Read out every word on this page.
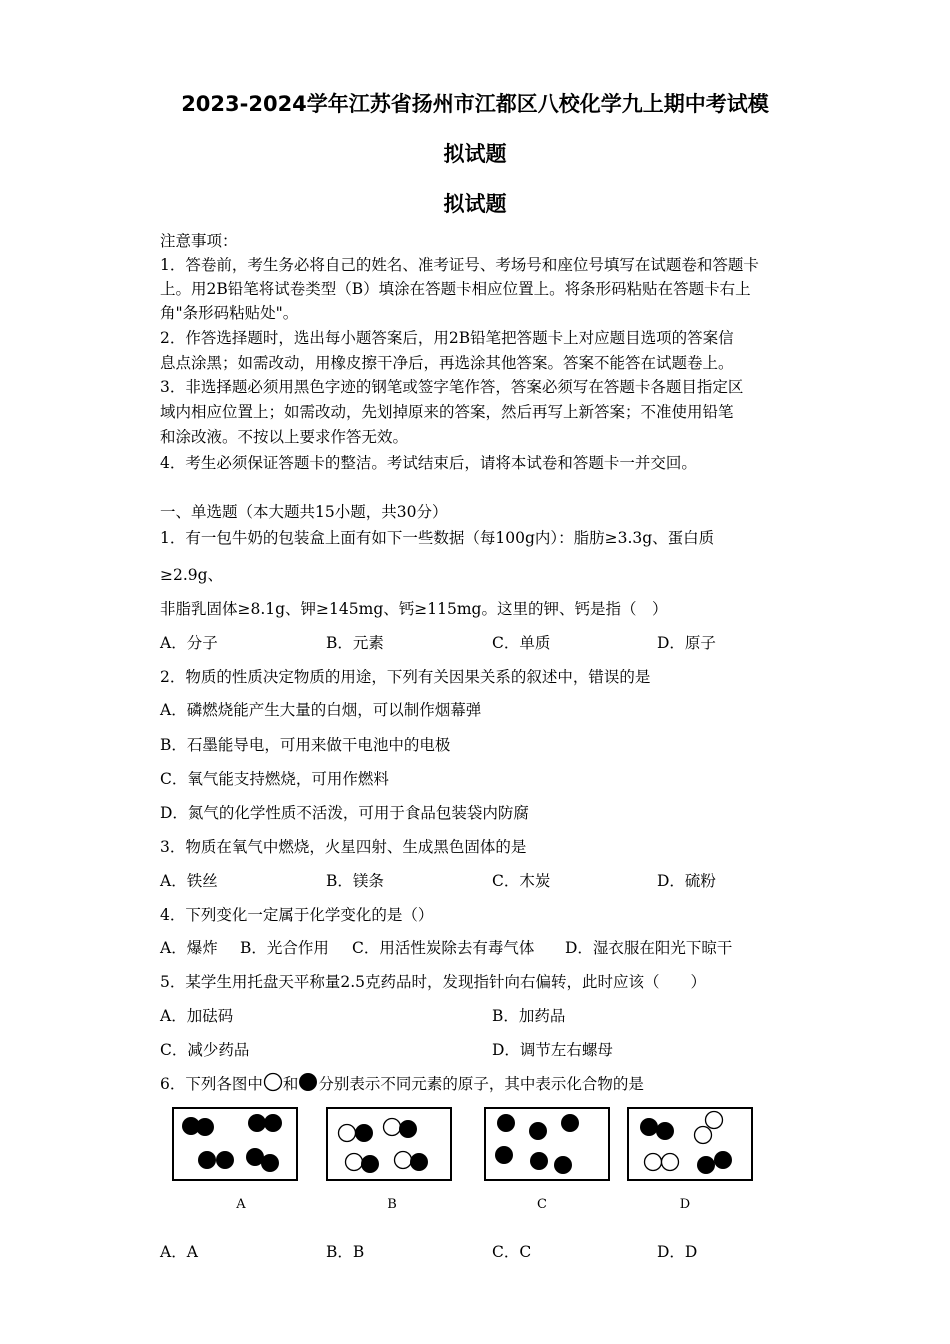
2023-2024学年江苏省扬州市江都区八校化学九上期中考试模
拟试题
拟试题
注意事项：
1．答卷前，考生务必将自己的姓名、准考证号、考场号和座位号填写在试题卷和答题卡
上。用2B铅笔将试卷类型（B）填涂在答题卡相应位置上。将条形码粘贴在答题卡右上
角"条形码粘贴处"。
2．作答选择题时，选出每小题答案后，用2B铅笔把答题卡上对应题目选项的答案信
息点涂黑；如需改动，用橡皮擦干净后，再选涂其他答案。答案不能答在试题卷上。
3．非选择题必须用黑色字迹的钢笔或签字笔作答，答案必须写在答题卡各题目指定区
域内相应位置上；如需改动，先划掉原来的答案，然后再写上新答案；不准使用铅笔
和涂改液。不按以上要求作答无效。
4．考生必须保证答题卡的整洁。考试结束后，请将本试卷和答题卡一并交回。
一、单选题（本大题共15小题，共30分）
1．有一包牛奶的包装盒上面有如下一些数据（每100g内）：脂肪≥3.3g、蛋白质
≥2.9g、
非脂乳固体≥8.1g、钾≥145mg、钙≥115mg。这里的钾、钙是指（　）
A．分子	B．元素	C．单质	D．原子
2．物质的性质决定物质的用途，下列有关因果关系的叙述中，错误的是
A．磷燃烧能产生大量的白烟，可以制作烟幕弹
B．石墨能导电，可用来做干电池中的电极
C．氧气能支持燃烧，可用作燃料
D．氮气的化学性质不活泼，可用于食品包装袋内防腐
3．物质在氧气中燃烧，火星四射、生成黑色固体的是
A．铁丝	B．镁条	C．木炭	D．硫粉
4．下列变化一定属于化学变化的是（）
A．爆炸 B．光合作用 C．用活性炭除去有毒气体 D．湿衣服在阳光下晾干
5．某学生用托盘天平称量2.5克药品时，发现指针向右偏转，此时应该（　　）
A．加砝码	B．加药品
C．减少药品	D．调节左右螺母
6．下列各图中 和 分别表示不同元素的原子，其中表示化合物的是
A	B	C	D
A．A	B．B	C．C	D．D
